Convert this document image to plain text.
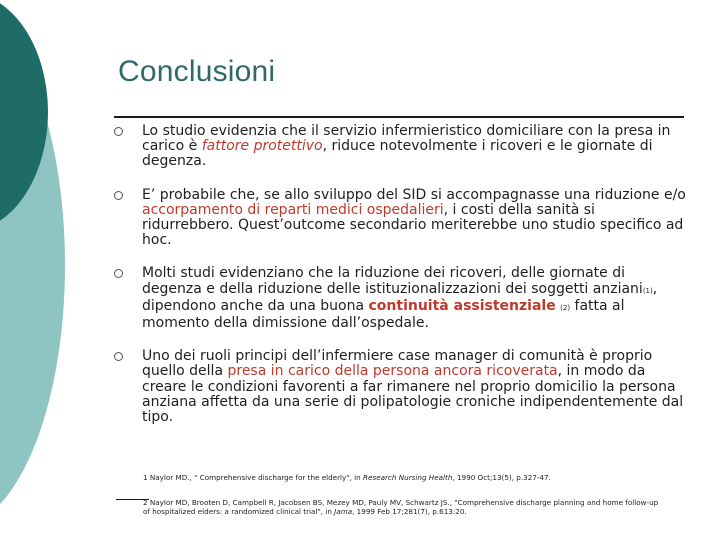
Conclusioni
Lo studio evidenzia che il servizio infermieristico domiciliare con la presa in carico è fattore protettivo, riduce notevolmente i ricoveri e le giornate di degenza.
E’ probabile che, se allo sviluppo del SID si accompagnasse una riduzione e/o accorpamento di reparti medici ospedalieri, i costi della sanità si ridurrebbero. Quest’outcome secondario meriterebbe uno studio specifico ad hoc.
Molti studi evidenziano che la riduzione dei ricoveri, delle giornate di degenza e della riduzione delle istituzionalizzazioni dei soggetti anziani(1), dipendono anche da una buona continuità assistenziale (2) fatta al momento della dimissione dall’ospedale.
Uno dei ruoli principi dell’infermiere case manager di comunità è proprio quello della presa in carico della persona ancora ricoverata, in modo da creare le condizioni favorenti a far rimanere nel proprio domicilio la persona anziana affetta da una serie di polipatologie croniche indipendentemente dal tipo.
1 Naylor MD., " Comprehensive discharge for the elderly", in Research Nursing Health, 1990 Oct;13(5), p.327-47.
2 Naylor MD, Brooten D, Campbell R, Jacobsen BS, Mezey MD, Pauly MV, Schwartz JS., "Comprehensive discharge planning and home follow-up of hospitalized elders: a randomized clinical trial", in Jama, 1999 Feb 17;281(7), p.613:20.
